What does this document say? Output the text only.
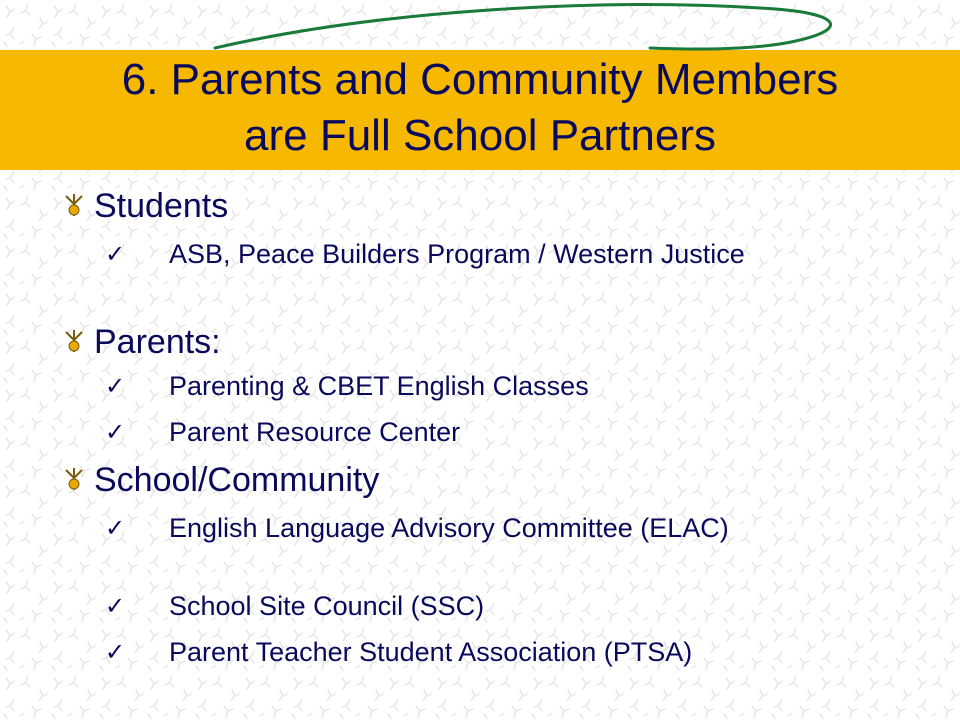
6. Parents and Community Members
are Full School Partners
Students
✓ ASB, Peace Builders Program / Western Justice
Parents:
✓ Parenting & CBET English Classes
✓ Parent Resource Center
School/Community
✓ English Language Advisory Committee (ELAC)
✓ School Site Council (SSC)
✓ Parent Teacher Student Association (PTSA)
